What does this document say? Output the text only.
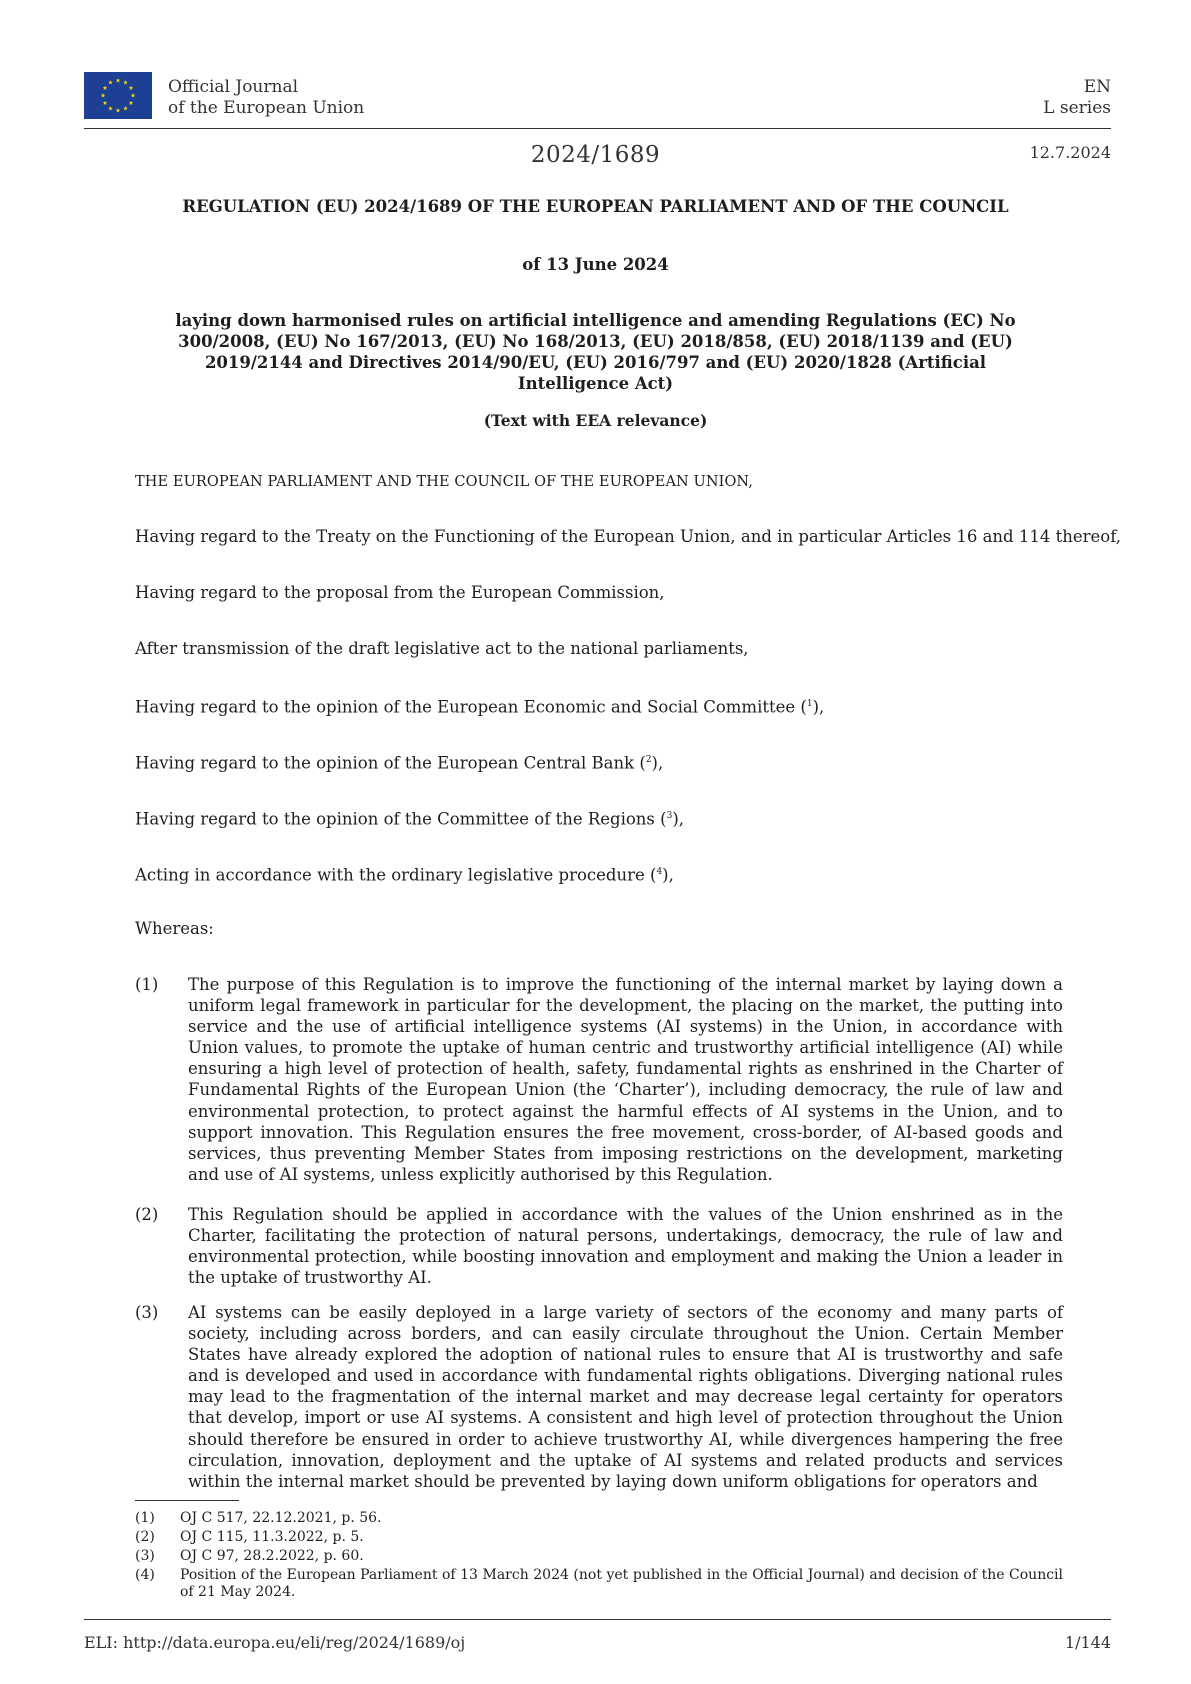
Official Journal
of the European Union
EN
L series
2024/1689	12.7.2024
REGULATION (EU) 2024/1689 OF THE EUROPEAN PARLIAMENT AND OF THE COUNCIL
of 13 June 2024
laying down harmonised rules on artificial intelligence and amending Regulations (EC) No 300/2008, (EU) No 167/2013, (EU) No 168/2013, (EU) 2018/858, (EU) 2018/1139 and (EU) 2019/2144 and Directives 2014/90/EU, (EU) 2016/797 and (EU) 2020/1828 (Artificial Intelligence Act)
(Text with EEA relevance)
THE EUROPEAN PARLIAMENT AND THE COUNCIL OF THE EUROPEAN UNION,
Having regard to the Treaty on the Functioning of the European Union, and in particular Articles 16 and 114 thereof,
Having regard to the proposal from the European Commission,
After transmission of the draft legislative act to the national parliaments,
Having regard to the opinion of the European Economic and Social Committee ($^1$),
Having regard to the opinion of the European Central Bank ($^2$),
Having regard to the opinion of the Committee of the Regions ($^3$),
Acting in accordance with the ordinary legislative procedure ($^4$),
Whereas:
(1) The purpose of this Regulation is to improve the functioning of the internal market by laying down a uniform legal framework in particular for the development, the placing on the market, the putting into service and the use of artificial intelligence systems (AI systems) in the Union, in accordance with Union values, to promote the uptake of human centric and trustworthy artificial intelligence (AI) while ensuring a high level of protection of health, safety, fundamental rights as enshrined in the Charter of Fundamental Rights of the European Union (the ‘Charter’), including democracy, the rule of law and environmental protection, to protect against the harmful effects of AI systems in the Union, and to support innovation. This Regulation ensures the free movement, cross-border, of AI-based goods and services, thus preventing Member States from imposing restrictions on the development, marketing and use of AI systems, unless explicitly authorised by this Regulation.
(2) This Regulation should be applied in accordance with the values of the Union enshrined as in the Charter, facilitating the protection of natural persons, undertakings, democracy, the rule of law and environmental protection, while boosting innovation and employment and making the Union a leader in the uptake of trustworthy AI.
(3) AI systems can be easily deployed in a large variety of sectors of the economy and many parts of society, including across borders, and can easily circulate throughout the Union. Certain Member States have already explored the adoption of national rules to ensure that AI is trustworthy and safe and is developed and used in accordance with fundamental rights obligations. Diverging national rules may lead to the fragmentation of the internal market and may decrease legal certainty for operators that develop, import or use AI systems. A consistent and high level of protection throughout the Union should therefore be ensured in order to achieve trustworthy AI, while divergences hampering the free circulation, innovation, deployment and the uptake of AI systems and related products and services within the internal market should be prevented by laying down uniform obligations for operators and
(1) OJ C 517, 22.12.2021, p. 56.
(2) OJ C 115, 11.3.2022, p. 5.
(3) OJ C 97, 28.2.2022, p. 60.
(4) Position of the European Parliament of 13 March 2024 (not yet published in the Official Journal) and decision of the Council of 21 May 2024.
ELI: http://data.europa.eu/eli/reg/2024/1689/oj	1/144
